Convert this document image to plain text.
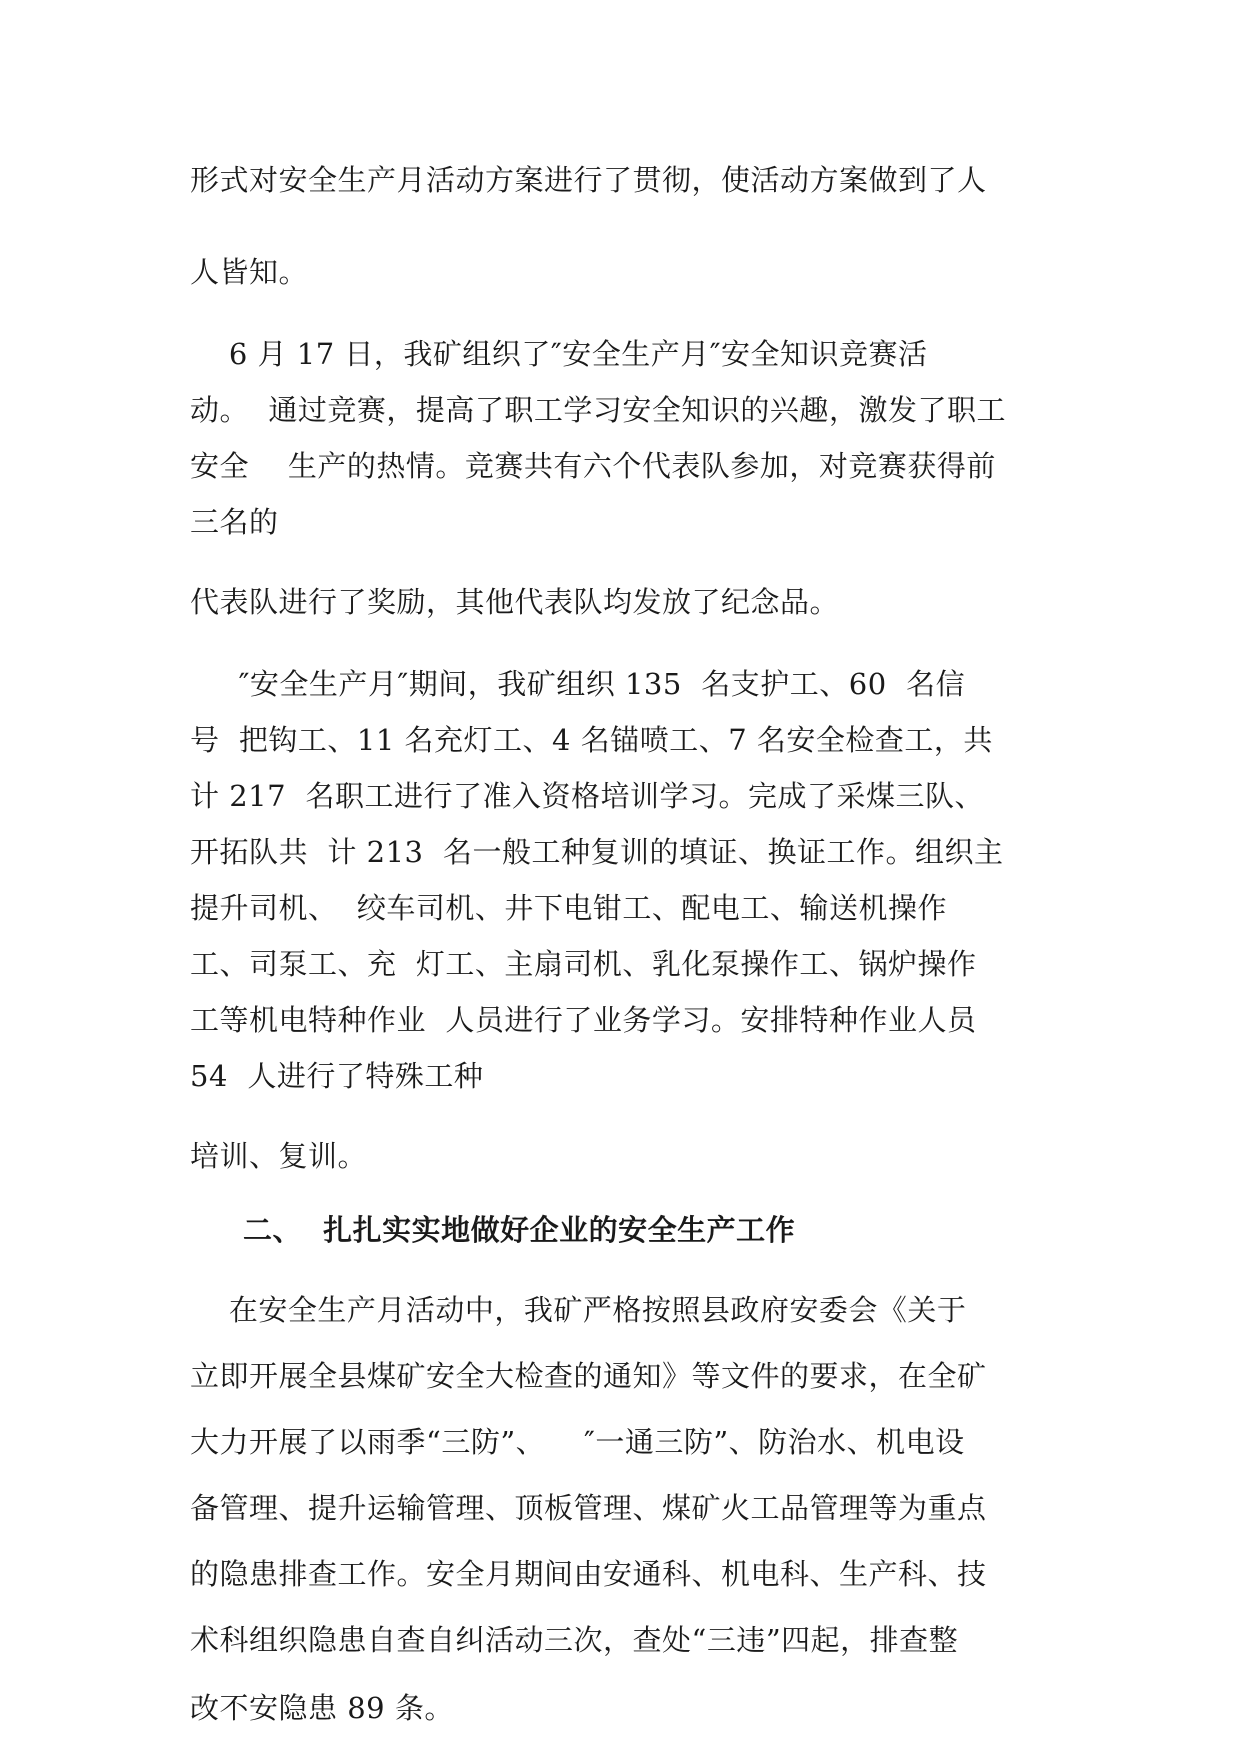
形式对安全生产月活动方案进行了贯彻，使活动方案做到了人
人皆知。
6 月 17 日，我矿组织了″安全生产月″安全知识竞赛活
动。  通过竞赛，提高了职工学习安全知识的兴趣，激发了职工
安全    生产的热情。竞赛共有六个代表队参加，对竞赛获得前
三名的
代表队进行了奖励，其他代表队均发放了纪念品。
″安全生产月″期间，我矿组织 135  名支护工、60  名信
号  把钩工、11 名充灯工、4 名锚喷工、7 名安全检查工，共
计 217  名职工进行了准入资格培训学习。完成了采煤三队、
开拓队共  计 213  名一般工种复训的填证、换证工作。组织主
提升司机、  绞车司机、井下电钳工、配电工、输送机操作
工、司泵工、充  灯工、主扇司机、乳化泵操作工、锅炉操作
工等机电特种作业  人员进行了业务学习。安排特种作业人员
54  人进行了特殊工种
培训、复训。
二、  扎扎实实地做好企业的安全生产工作
在安全生产月活动中，我矿严格按照县政府安委会《关于
立即开展全县煤矿安全大检查的通知》等文件的要求，在全矿
大力开展了以雨季“三防”、    ″一通三防”、防治水、机电设
备管理、提升运输管理、顶板管理、煤矿火工品管理等为重点
的隐患排查工作。安全月期间由安通科、机电科、生产科、技
术科组织隐患自查自纠活动三次，查处“三违”四起，排查整
改不安隐患 89 条。
